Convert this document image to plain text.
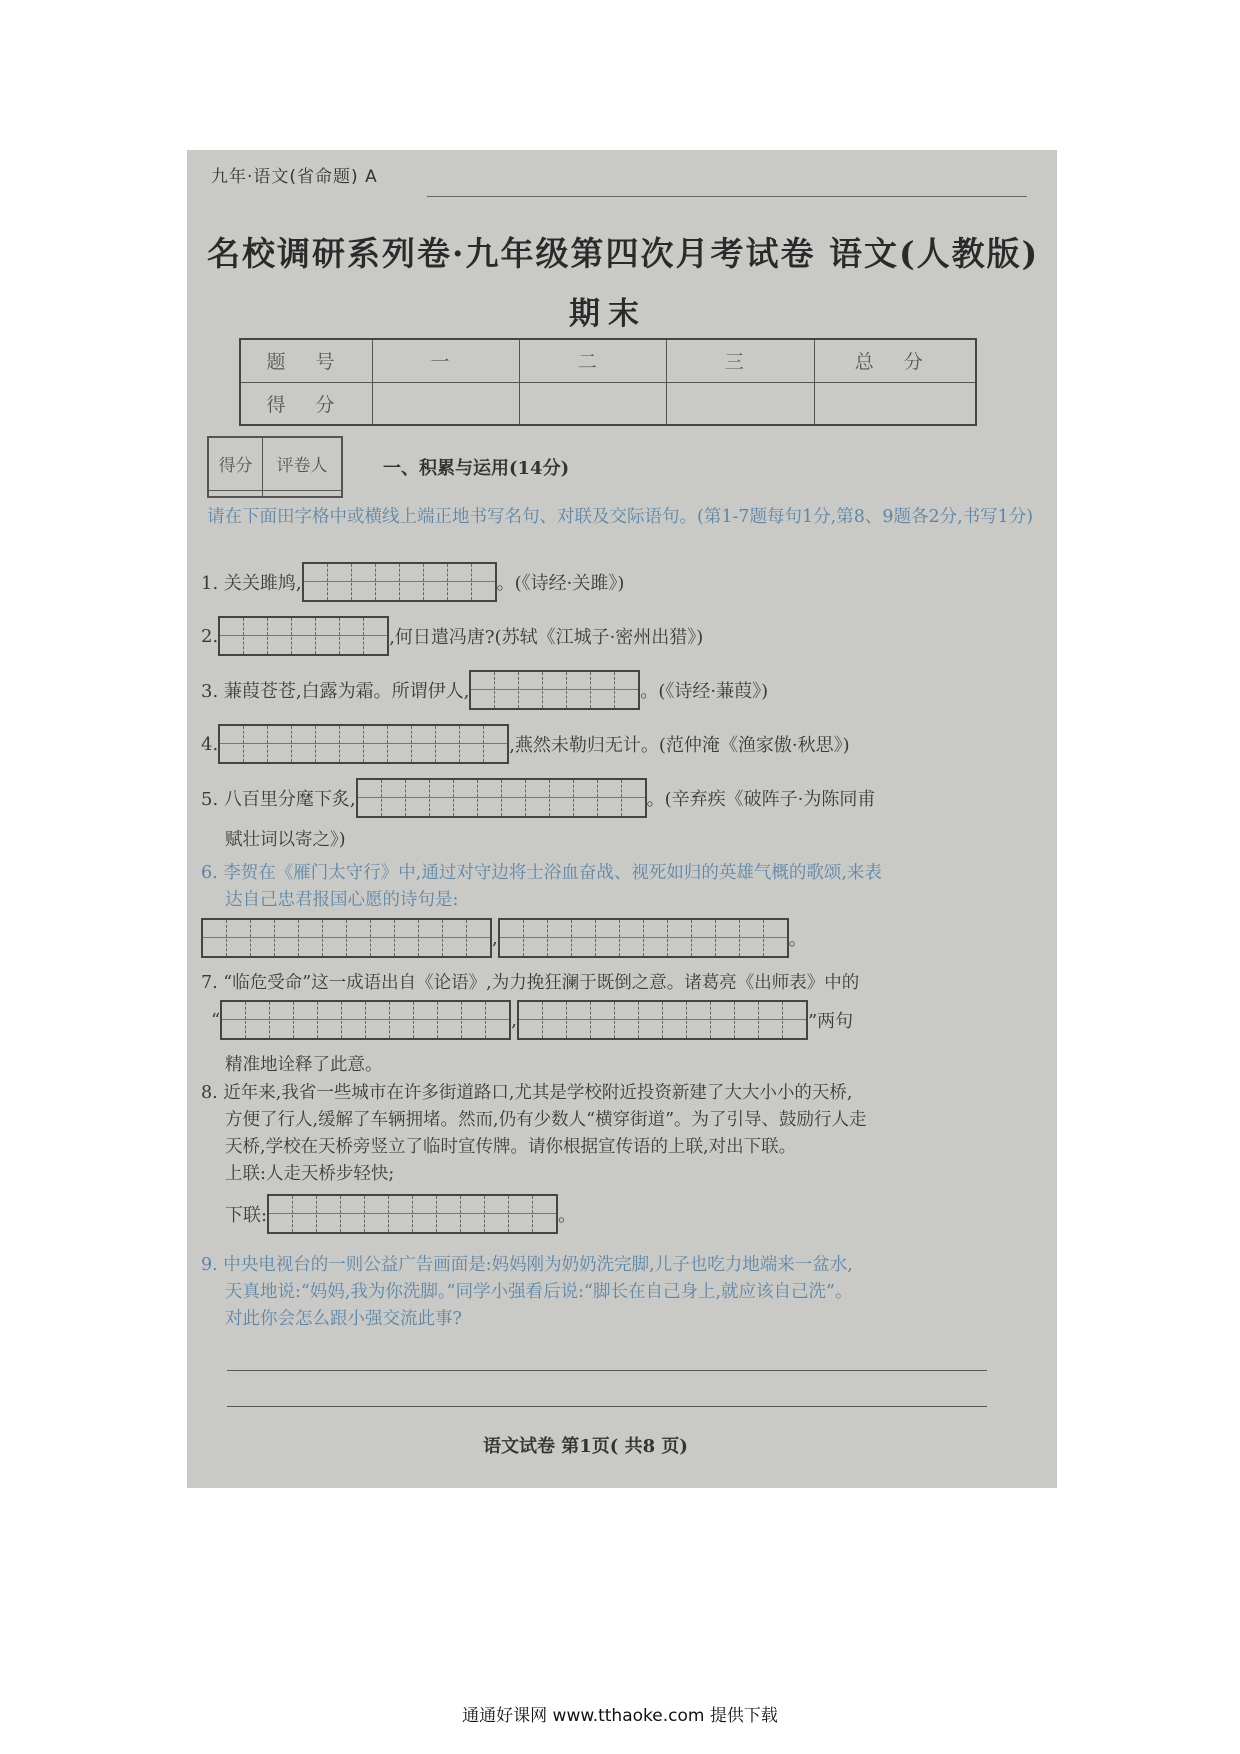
九年·语文(省命题) A
名校调研系列卷·九年级第四次月考试卷 语文(人教版)
期末
题 号	一	二	三	总 分
得 分				
得分	评卷人
		一、积累与运用(14分)
请在下面田字格中或横线上端正地书写名句、对联及交际语句。(第1-7题每句1分,第8、9题各2分,书写1分)
1. 关关雎鸠,	。(《诗经·关雎》)
2.	,何日遣冯唐?(苏轼《江城子·密州出猎》)
3. 蒹葭苍苍,白露为霜。所谓伊人,	。(《诗经·蒹葭》)
4.	,燕然未勒归无计。(范仲淹《渔家傲·秋思》)
5. 八百里分麾下炙,	。(辛弃疾《破阵子·为陈同甫
赋壮词以寄之》)
6. 李贺在《雁门太守行》中,通过对守边将士浴血奋战、视死如归的英雄气概的歌颂,来表
达自己忠君报国心愿的诗句是:
,	。
7. “临危受命”这一成语出自《论语》,为力挽狂澜于既倒之意。诸葛亮《出师表》中的
“	,	”两句
精准地诠释了此意。
8. 近年来,我省一些城市在许多街道路口,尤其是学校附近投资新建了大大小小的天桥,
方便了行人,缓解了车辆拥堵。然而,仍有少数人“横穿街道”。为了引导、鼓励行人走
天桥,学校在天桥旁竖立了临时宣传牌。请你根据宣传语的上联,对出下联。
上联:人走天桥步轻快;
下联:	。
9. 中央电视台的一则公益广告画面是:妈妈刚为奶奶洗完脚,儿子也吃力地端来一盆水,
天真地说:“妈妈,我为你洗脚。”同学小强看后说:“脚长在自己身上,就应该自己洗”。
对此你会怎么跟小强交流此事?
语文试卷 第1页( 共8 页)
通通好课网 www.tthaoke.com 提供下载
